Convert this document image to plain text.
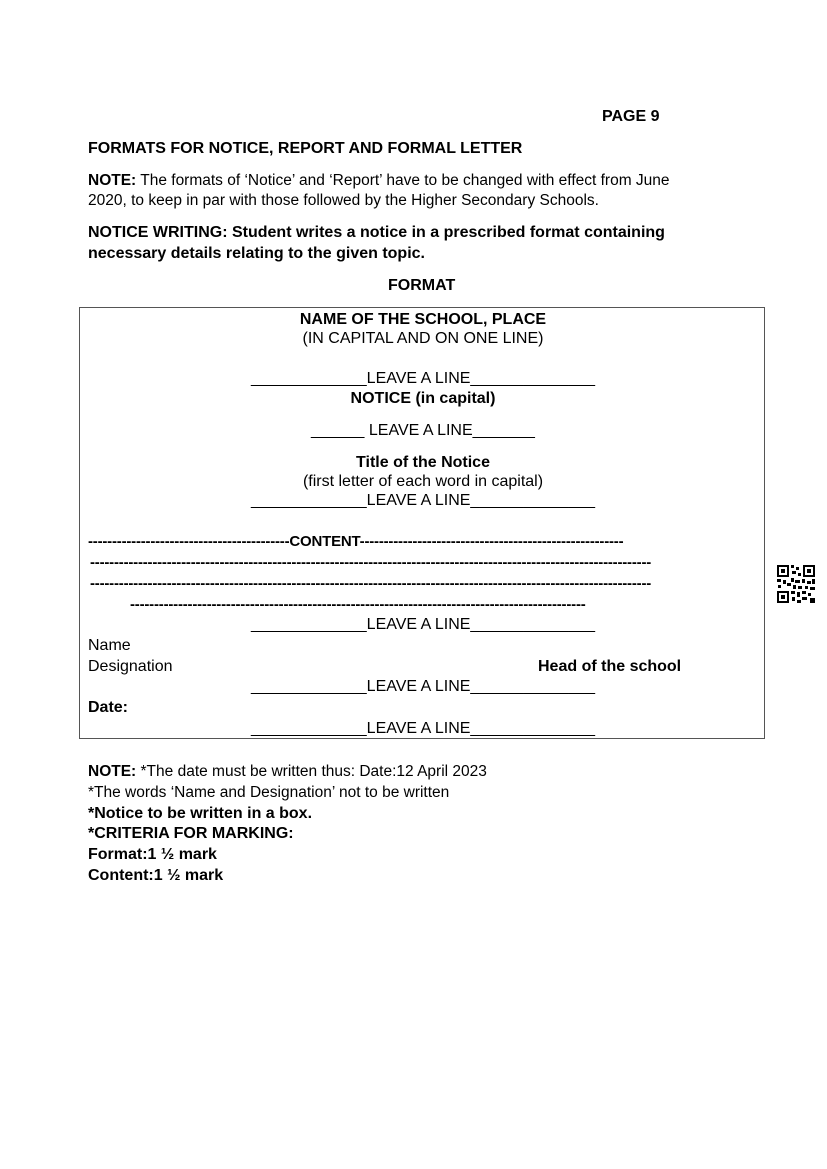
PAGE 9
FORMATS FOR NOTICE, REPORT AND FORMAL LETTER
NOTE: The formats of ‘Notice’ and ‘Report’ have to be changed with effect from June
2020, to keep in par with those followed by the Higher Secondary Schools.
NOTICE WRITING: Student writes a notice in a prescribed format containing
necessary details relating to the given topic.
FORMAT
NAME OF THE SCHOOL, PLACE
(IN CAPITAL AND ON ONE LINE)
_____________LEAVE A LINE______________
NOTICE (in capital)
______ LEAVE A LINE_______
Title of the Notice
(first letter of each word in capital)
_____________LEAVE A LINE______________
------------------------------------------CONTENT-------------------------------------------------------
---------------------------------------------------------------------------------------------------------------------
---------------------------------------------------------------------------------------------------------------------
-----------------------------------------------------------------------------------------------
_____________LEAVE A LINE______________
Name
Designation	Head of the school
_____________LEAVE A LINE______________
Date:
_____________LEAVE A LINE______________
NOTE: *The date must be written thus: Date:12 April 2023
*The words ‘Name and Designation’ not to be written
*Notice to be written in a box.
*CRITERIA FOR MARKING:
Format:1 ½ mark
Content:1 ½ mark
